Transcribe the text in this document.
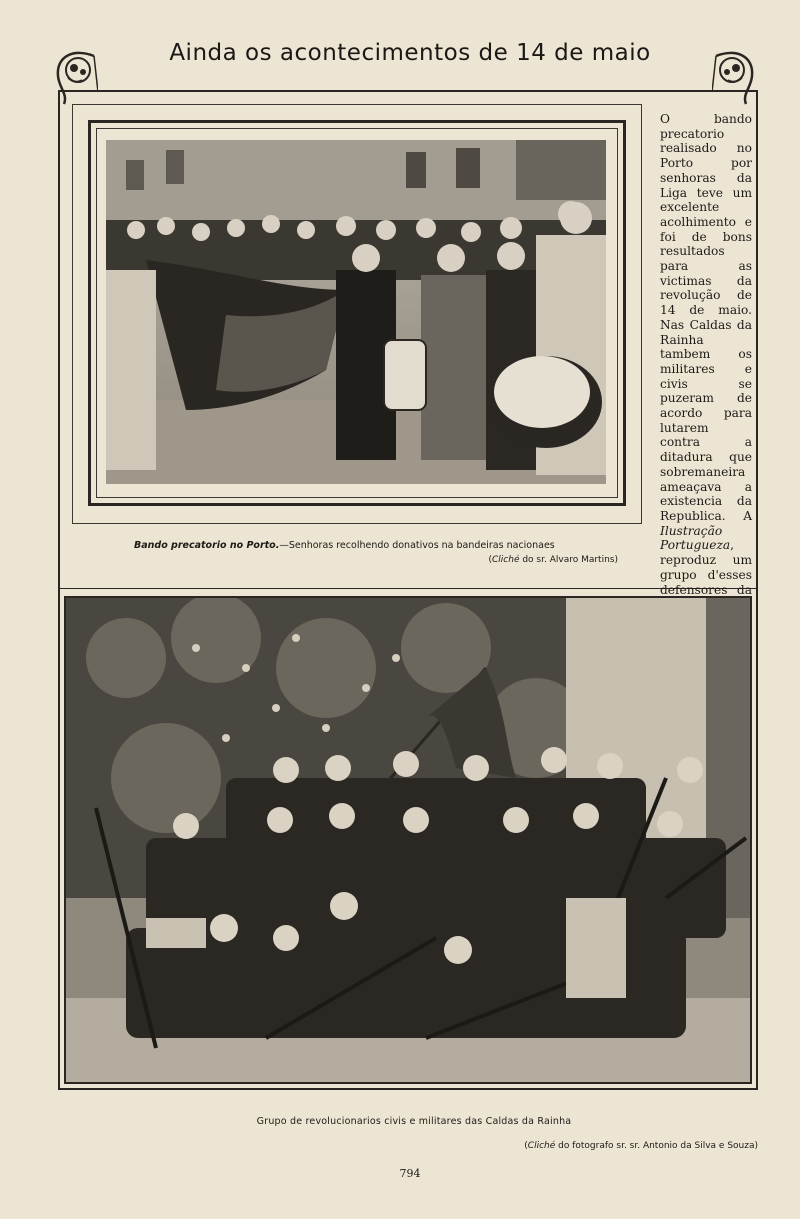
Ainda os acontecimentos de 14 de maio

O bando precatorio realisado no Porto por senhoras da Liga teve um excelente acolhimento e foi de bons resultados para as victimas da revolução de 14 de maio. Nas Caldas da Rainha tambem os militares e civis se puzeram de acordo para lutarem contra a ditadura que sobremaneira ameaçava a existencia da Republica. A Ilustração Portugueza, reproduz um grupo d'esses defensores da

Bando precatorio no Porto.—Senhoras recolhendo donativos na bandeiras nacionaes
(Cliché do sr. Alvaro Martins)
Grupo de revolucionarios civis e militares das Caldas da Rainha
(Cliché do fotografo sr. sr. Antonio da Silva e Souza)
794
